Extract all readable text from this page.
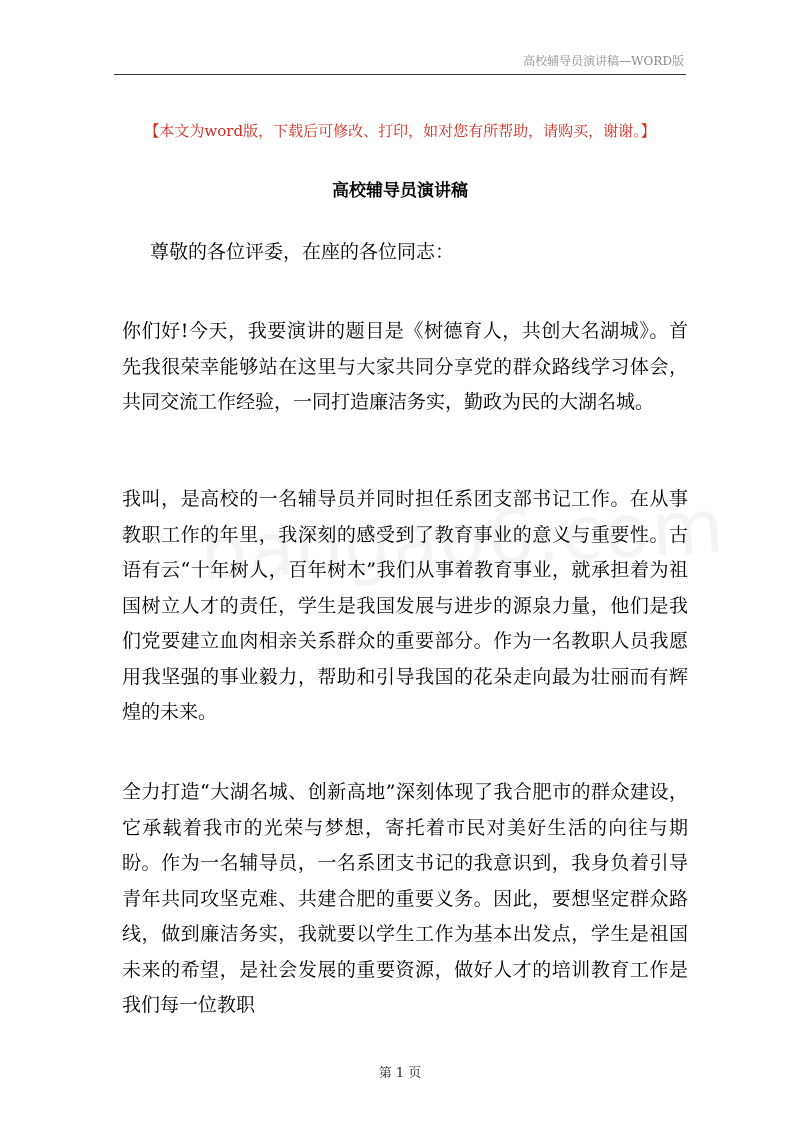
高校辅导员演讲稿—WORD版
【本文为word版，下载后可修改、打印，如对您有所帮助，请购买，谢谢。】
高校辅导员演讲稿

尊敬的各位评委，在座的各位同志：

你们好!今天，我要演讲的题目是《树德育人，共创大名湖城》。首先我很荣幸能够站在这里与大家共同分享党的群众路线学习体会，共同交流工作经验，一同打造廉洁务实，勤政为民的大湖名城。

我叫，是高校的一名辅导员并同时担任系团支部书记工作。在从事教职工作的年里，我深刻的感受到了教育事业的意义与重要性。古语有云“十年树人，百年树木”我们从事着教育事业，就承担着为祖国树立人才的责任，学生是我国发展与进步的源泉力量，他们是我们党要建立血肉相亲关系群众的重要部分。作为一名教职人员我愿用我坚强的事业毅力，帮助和引导我国的花朵走向最为壮丽而有辉煌的未来。

全力打造“大湖名城、创新高地”深刻体现了我合肥市的群众建设，它承载着我市的光荣与梦想，寄托着市民对美好生活的向往与期盼。作为一名辅导员，一名系团支书记的我意识到，我身负着引导青年共同攻坚克难、共建合肥的重要义务。因此，要想坚定群众路线，做到廉洁务实，我就要以学生工作为基本出发点，学生是祖国未来的希望，是社会发展的重要资源，做好人才的培训教育工作是我们每一位教职

第 1 页
